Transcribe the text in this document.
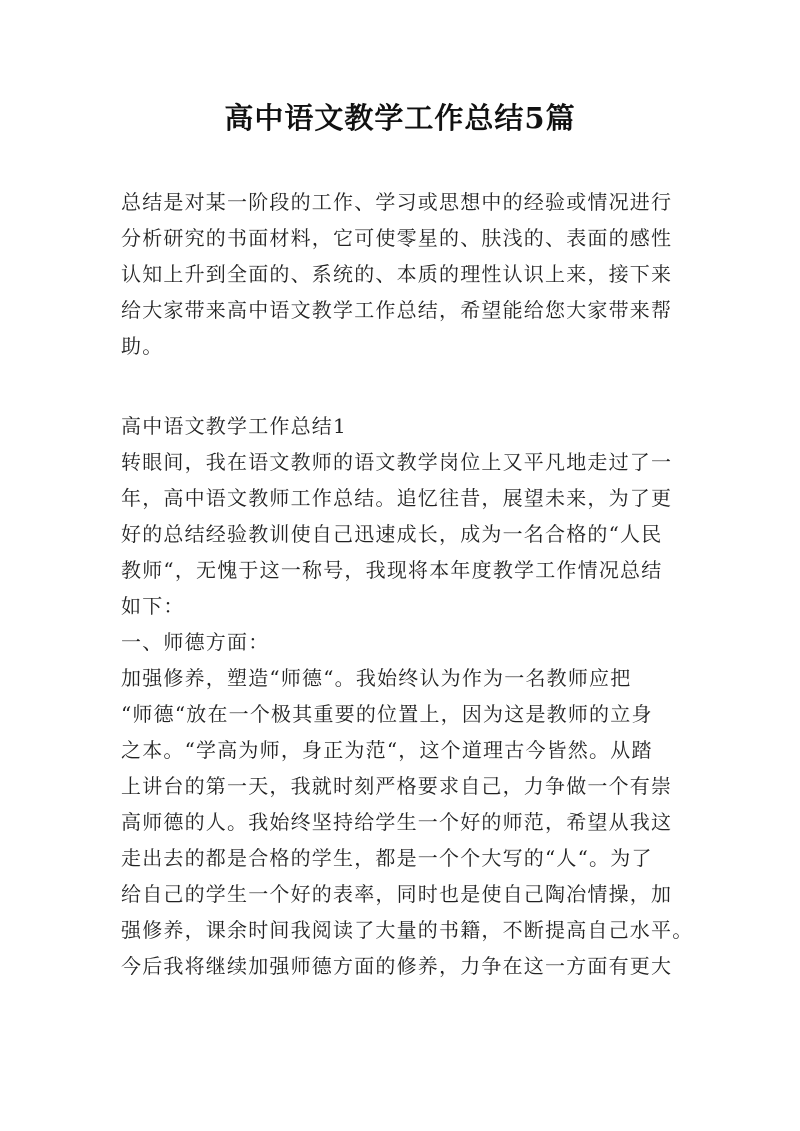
高中语文教学工作总结5篇
总结是对某一阶段的工作、学习或思想中的经验或情况进行
分析研究的书面材料，它可使零星的、肤浅的、表面的感性
认知上升到全面的、系统的、本质的理性认识上来，接下来
给大家带来高中语文教学工作总结，希望能给您大家带来帮
助。
高中语文教学工作总结1
转眼间，我在语文教师的语文教学岗位上又平凡地走过了一
年，高中语文教师工作总结。追忆往昔，展望未来，为了更
好的总结经验教训使自己迅速成长，成为一名合格的“人民
教师“，无愧于这一称号，我现将本年度教学工作情况总结
如下：
一、师德方面：
加强修养，塑造“师德“。我始终认为作为一名教师应把
“师德“放在一个极其重要的位置上，因为这是教师的立身
之本。“学高为师，身正为范“，这个道理古今皆然。从踏
上讲台的第一天，我就时刻严格要求自己，力争做一个有崇
高师德的人。我始终坚持给学生一个好的师范，希望从我这
走出去的都是合格的学生，都是一个个大写的“人“。为了
给自己的学生一个好的表率，同时也是使自己陶冶情操，加
强修养，课余时间我阅读了大量的书籍，不断提高自己水平。
今后我将继续加强师德方面的修养，力争在这一方面有更大
